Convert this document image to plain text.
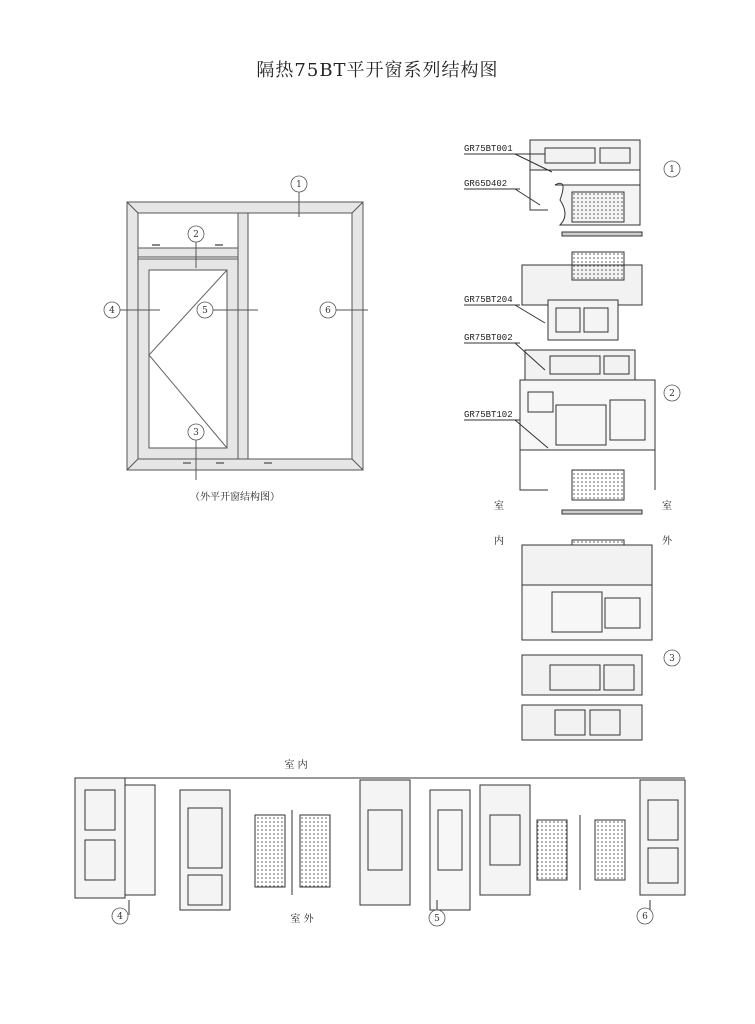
隔热75BT平开窗系列结构图
1
2
3
4	5	6
（外平开窗结构图）
1
2
3
GR75BT001
GR65D402
GR75BT204
GR75BT002
GR75BT102
室
内
室
外
4	5	6
室 内
室 外
